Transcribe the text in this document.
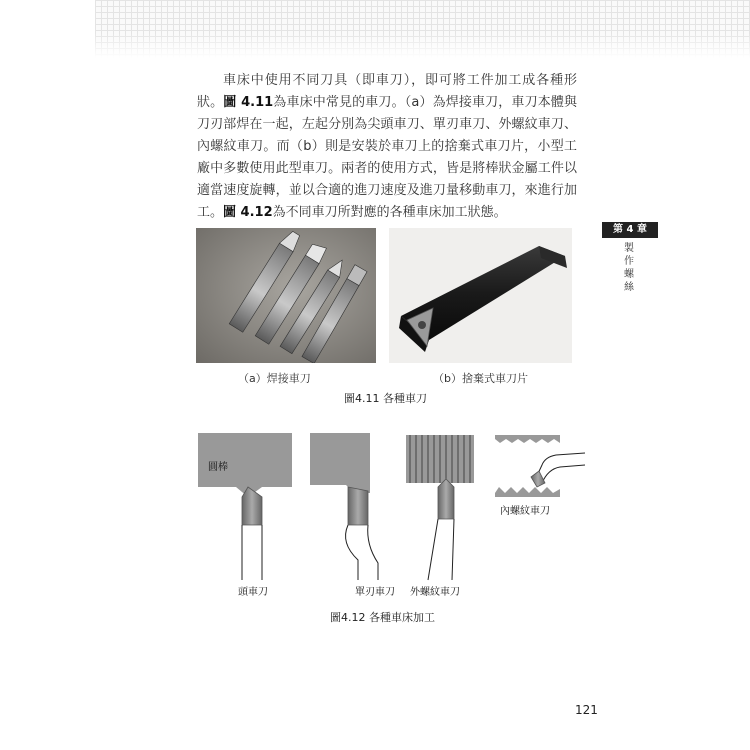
車床中使用不同刀具（即車刀），即可將工件加工成各種形狀。圖 4.11為車床中常見的車刀。（a）為焊接車刀，車刀本體與刀刃部焊在一起，左起分別為尖頭車刀、單刃車刀、外螺紋車刀、內螺紋車刀。而（b）則是安裝於車刀上的捨棄式車刀片，小型工廠中多數使用此型車刀。兩者的使用方式，皆是將棒狀金屬工件以適當速度旋轉，並以合適的進刀速度及進刀量移動車刀，來進行加工。圖 4.12為不同車刀所對應的各種車床加工狀態。
第 4 章
製
作
螺
絲
（a）焊接車刀	（b）捨棄式車刀片
圖4.11 各種車刀
圓棒
頭車刀	單刃車刀 外螺紋車刀
內螺紋車刀
圖4.12 各種車床加工
121
